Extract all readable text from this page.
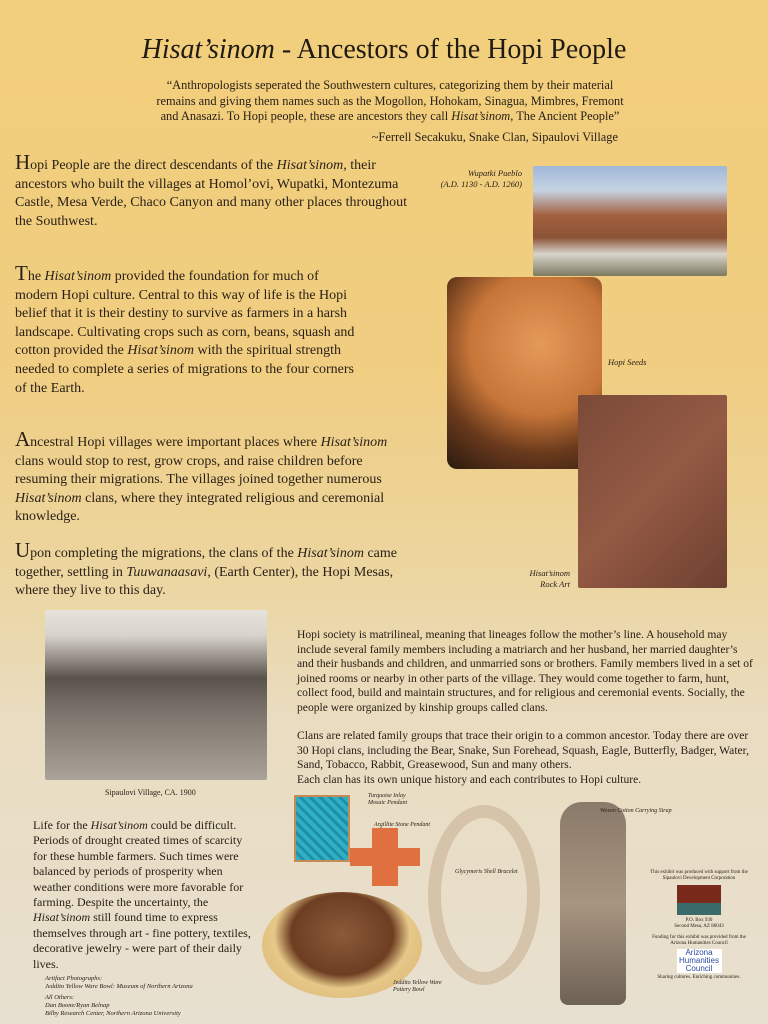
Hisat’sinom - Ancestors of the Hopi People
“Anthropologists seperated the Southwestern cultures, categorizing them by their material remains and giving them names such as the Mogollon, Hohokam, Sinagua, Mimbres, Fremont and Anasazi. To Hopi people, these are ancestors they call Hisat’sinom, The Ancient People”
~Ferrell Secakuku, Snake Clan, Sipaulovi Village
Hopi People are the direct descendants of the Hisat’sinom, their ancestors who built the villages at Homol’ovi, Wupatki, Montezuma Castle, Mesa Verde, Chaco Canyon and many other places throughout the Southwest.
The Hisat’sinom provided the foundation for much of modern Hopi culture. Central to this way of life is the Hopi belief that it is their destiny to survive as farmers in a harsh landscape. Cultivating crops such as corn, beans, squash and cotton provided the Hisat’sinom with the spiritual strength needed to complete a series of migrations to the four corners of the Earth.
Ancestral Hopi villages were important places where Hisat’sinom clans would stop to rest, grow crops, and raise children before resuming their migrations. The villages joined together numerous Hisat’sinom clans, where they integrated religious and ceremonial knowledge.
Upon completing the migrations, the clans of the Hisat’sinom came together, settling in Tuuwanaasavi, (Earth Center), the Hopi Mesas, where they live to this day.
Wupatki Pueblo
(A.D. 1130 - A.D. 1260)
Hopi Seeds
Hisat’sinom
Rock Art
Sipaulovi Village, CA. 1900

Hopi society is matrilineal, meaning that lineages follow the mother’s line. A household may include several family members including a matriarch and her husband, her married daughter’s and their husbands and children, and unmarried sons or brothers. Family members lived in a set of joined rooms or nearby in other parts of the village. They would come together to farm, hunt, collect food, build and maintain structures, and for religious and ceremonial events. Socially, the people were organized by kinship groups called clans.

Clans are related family groups that trace their origin to a common ancestor. Today there are over 30 Hopi clans, including the Bear, Snake, Sun Forehead, Squash, Eagle, Butterfly, Badger, Water, Sand, Tobacco, Rabbit, Greasewood, Sun and many others.

Each clan has its own unique history and each contributes to Hopi culture.

Life for the Hisat’sinom could be difficult. Periods of drought created times of scarcity for these humble farmers. Such times were balanced by periods of prosperity when weather conditions were more favorable for farming. Despite the uncertainty, the Hisat’sinom still found time to express themselves through art - fine pottery, textiles, decorative jewelry - were part of their daily lives.
Artifact Photographs:
Jeddito Yellow Ware Bowl: Museum of Northern Arizona
All Others:
Dan Boone/Ryan Belnap
Bilby Research Center, Northern Arizona University
Turquoise Inlay
Mosaic Pendant
Argillite Stone Pendant
Jeddito Yellow Ware
Pottery Bowl
Glycymeris Shell Bracelet
Woven Cotton Carrying Strap
This exhibit was produced with support from the
Sipaulovi Development Corporation
P.O. Box 930
Second Mesa, AZ 86043
Funding for this exhibit was provided from the
Arizona Humanities Council
Arizona Humanities Council
Sharing cultures. Enriching communities.
